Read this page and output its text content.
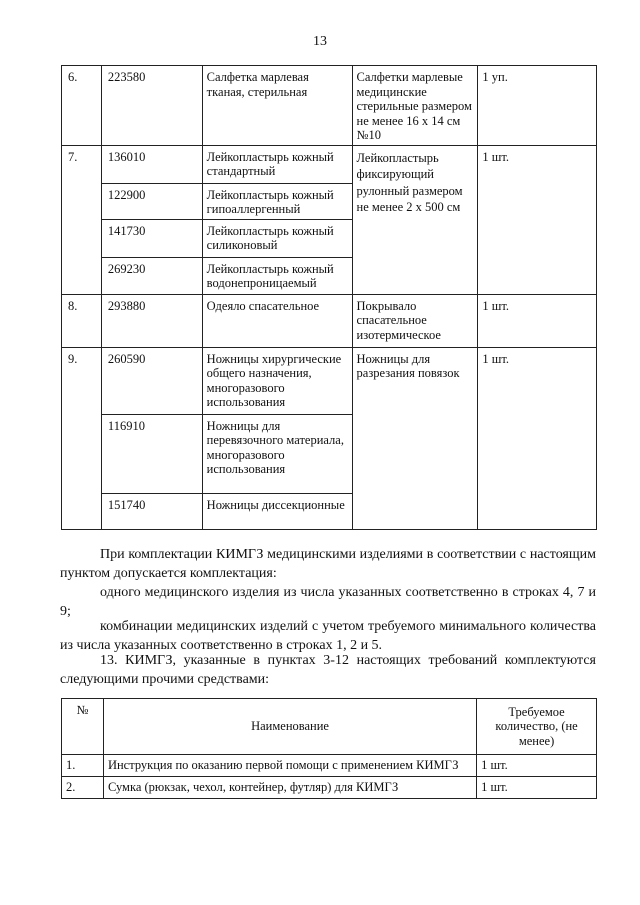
13
6.	223580	Салфетка марлевая тканая, стерильная	Салфетки марлевые медицинские стерильные размером не менее 16 x 14 см №10	1 уп.
7.	136010	Лейкопластырь кожный стандартный	Лейкопластырь фиксирующий рулонный размером не менее 2 x 500 см	1 шт.
	122900	Лейкопластырь кожный гипоаллергенный		
	141730	Лейкопластырь кожный силиконовый		
	269230	Лейкопластырь кожный водонепроницаемый		
8.	293880	Одеяло спасательное	Покрывало спасательное изотермическое	1 шт.
9.	260590	Ножницы хирургические общего назначения, многоразового использования	Ножницы для разрезания повязок	1 шт.
	116910	Ножницы для перевязочного материала, многоразового использования		
	151740	Ножницы диссекционные		
При комплектации КИМГЗ медицинскими изделиями в соответствии с настоящим пунктом допускается комплектация:
одного медицинского изделия из числа указанных соответственно в строках 4, 7 и 9;
комбинации медицинских изделий с учетом требуемого минимального количества из числа указанных соответственно в строках 1, 2 и 5.
13. КИМГЗ, указанные в пунктах 3-12 настоящих требований комплектуются следующими прочими средствами:
№	Наименование	Требуемое количество, (не менее)
1.	Инструкция по оказанию первой помощи с применением КИМГЗ	1 шт.
2.	Сумка (рюкзак, чехол, контейнер, футляр) для КИМГЗ	1 шт.
